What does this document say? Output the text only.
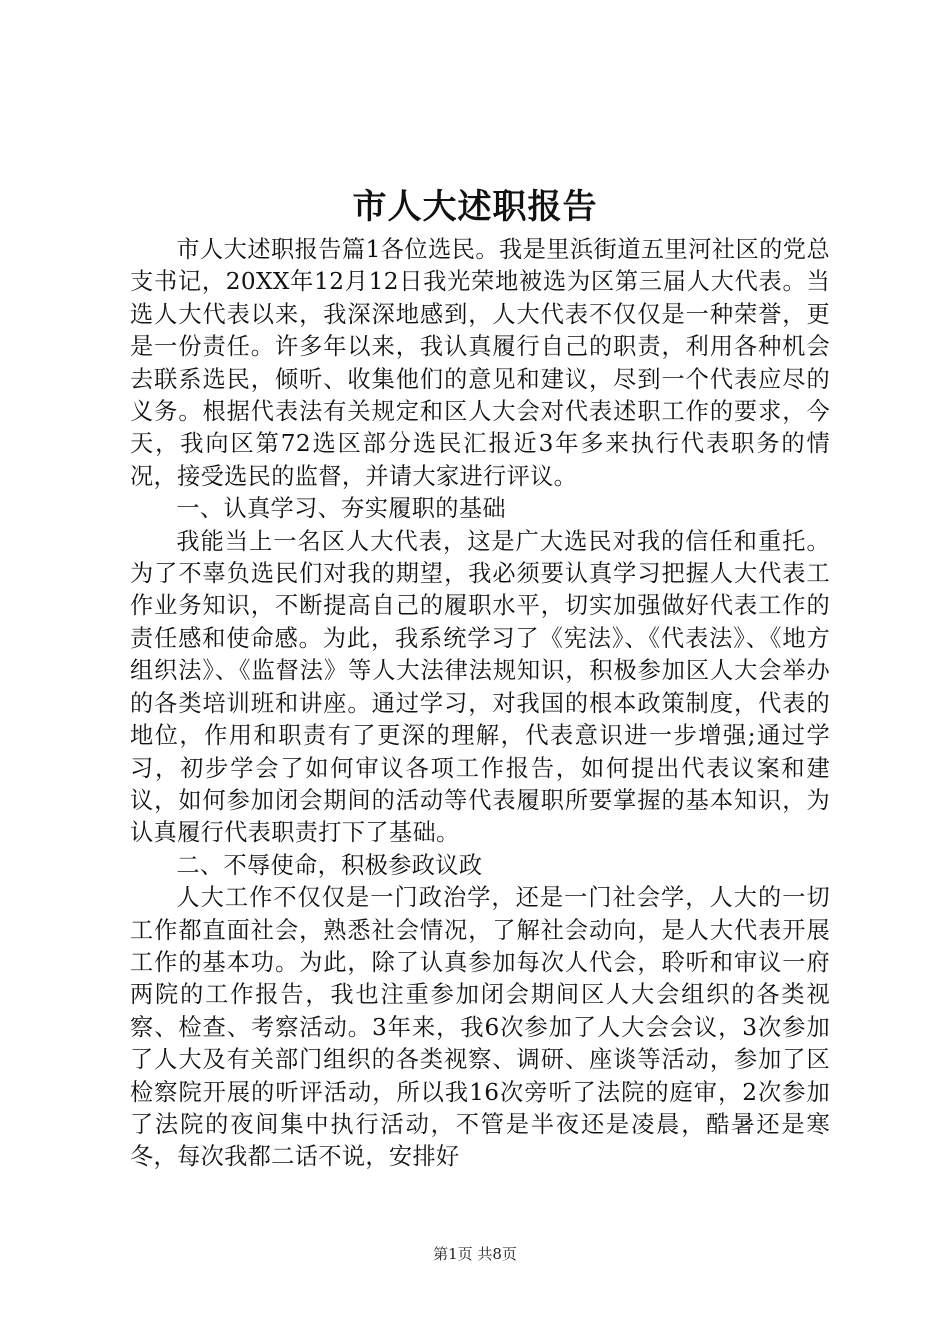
市人大述职报告

市人大述职报告篇1各位选民。我是里浜街道五里河社区的党总支书记，20XX年12月12日我光荣地被选为区第三届人大代表。当选人大代表以来，我深深地感到，人大代表不仅仅是一种荣誉，更是一份责任。许多年以来，我认真履行自己的职责，利用各种机会去联系选民，倾听、收集他们的意见和建议，尽到一个代表应尽的义务。根据代表法有关规定和区人大会对代表述职工作的要求，今天，我向区第72选区部分选民汇报近3年多来执行代表职务的情况，接受选民的监督，并请大家进行评议。

一、认真学习、夯实履职的基础

我能当上一名区人大代表，这是广大选民对我的信任和重托。为了不辜负选民们对我的期望，我必须要认真学习把握人大代表工作业务知识，不断提高自己的履职水平，切实加强做好代表工作的责任感和使命感。为此，我系统学习了《宪法》、《代表法》、《地方组织法》、《监督法》等人大法律法规知识，积极参加区人大会举办的各类培训班和讲座。通过学习，对我国的根本政策制度，代表的地位，作用和职责有了更深的理解，代表意识进一步增强;通过学习，初步学会了如何审议各项工作报告，如何提出代表议案和建议，如何参加闭会期间的活动等代表履职所要掌握的基本知识，为认真履行代表职责打下了基础。

二、不辱使命，积极参政议政

人大工作不仅仅是一门政治学，还是一门社会学，人大的一切工作都直面社会，熟悉社会情况，了解社会动向，是人大代表开展工作的基本功。为此，除了认真参加每次人代会，聆听和审议一府两院的工作报告，我也注重参加闭会期间区人大会组织的各类视察、检查、考察活动。3年来，我6次参加了人大会会议，3次参加了人大及有关部门组织的各类视察、调研、座谈等活动，参加了区检察院开展的听评活动，所以我16次旁听了法院的庭审，2次参加了法院的夜间集中执行活动，不管是半夜还是凌晨，酷暑还是寒冬，每次我都二话不说，安排好

第1页 共8页
